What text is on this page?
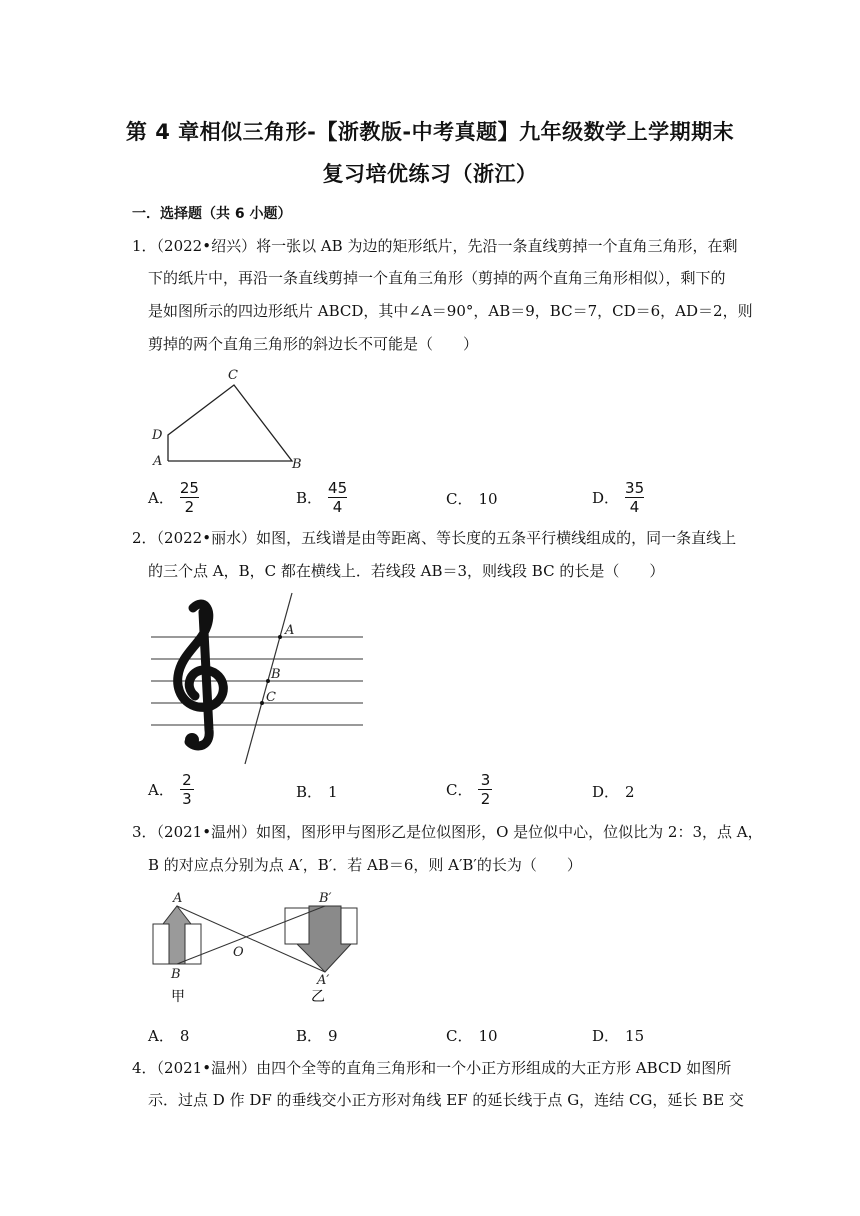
第 4 章相似三角形-【浙教版-中考真题】九年级数学上学期期末
复习培优练习（浙江）
一．选择题（共 6 小题）
1．（2022•绍兴）将一张以 AB 为边的矩形纸片，先沿一条直线剪掉一个直角三角形，在剩
下的纸片中，再沿一条直线剪掉一个直角三角形（剪掉的两个直角三角形相似），剩下的
是如图所示的四边形纸片 ABCD，其中∠A＝90°，AB＝9，BC＝7，CD＝6，AD＝2，则
剪掉的两个直角三角形的斜边长不可能是（　　）
C
D
A	B
A． $\frac{25}{2}$	B． $\frac{45}{4}$	C． 10	D． $\frac{35}{4}$
2．（2022•丽水）如图，五线谱是由等距离、等长度的五条平行横线组成的，同一条直线上
的三个点 A，B，C 都在横线上．若线段 AB＝3，则线段 BC 的长是（　　）
A
B
C
A． $\frac{2}{3}$	B． 1	C． $\frac{3}{2}$	D． 2
3．（2021•温州）如图，图形甲与图形乙是位似图形，O 是位似中心，位似比为 2：3，点 A，
B 的对应点分别为点 A′，B′．若 AB＝6，则 A′B′的长为（　　）
A
B
O
B′
A′
甲	乙
A． 8	B． 9	C． 10	D． 15
4．（2021•温州）由四个全等的直角三角形和一个小正方形组成的大正方形 ABCD 如图所
示．过点 D 作 DF 的垂线交小正方形对角线 EF 的延长线于点 G，连结 CG，延长 BE 交
